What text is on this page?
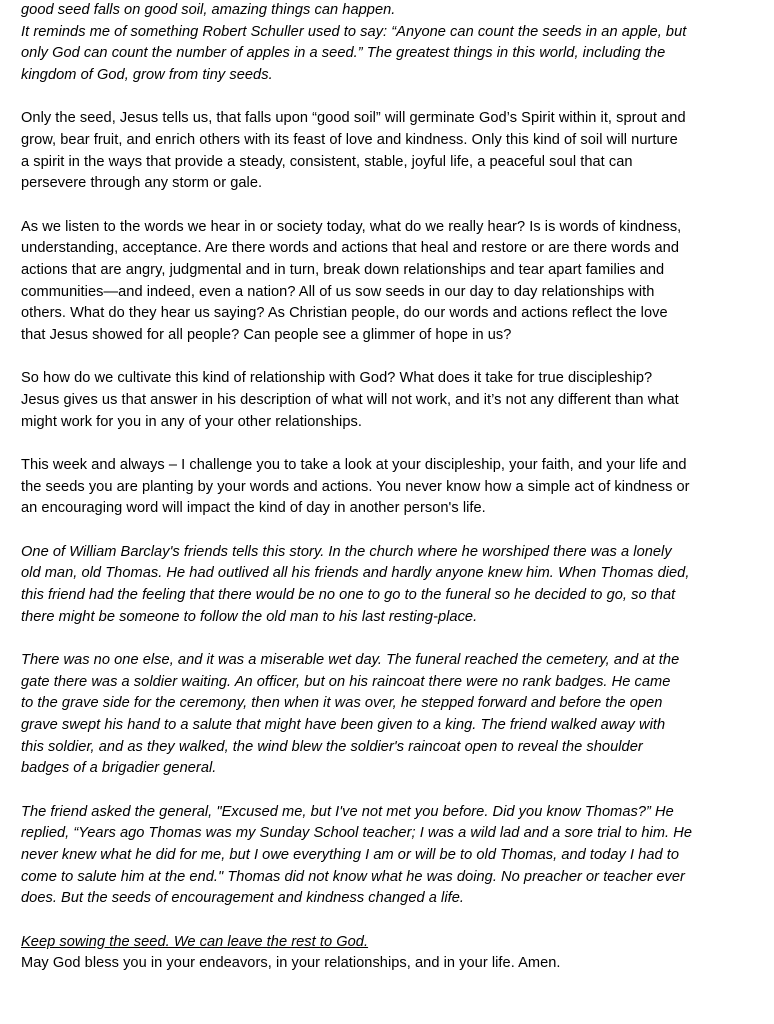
good seed falls on good soil, amazing things can happen.
It reminds me of something Robert Schuller used to say: “Anyone can count the seeds in an apple, but
only God can count the number of apples in a seed.” The greatest things in this world, including the
kingdom of God, grow from tiny seeds.
Only the seed, Jesus tells us, that falls upon “good soil” will germinate God’s Spirit within it, sprout and
grow, bear fruit, and enrich others with its feast of love and kindness. Only this kind of soil will nurture
a spirit in the ways that provide a steady, consistent, stable, joyful life, a peaceful soul that can
persevere through any storm or gale.
As we listen to the words we hear in or society today, what do we really hear? Is is words of kindness,
understanding, acceptance. Are there words and actions that heal and restore or are there words and
actions that are angry, judgmental and in turn, break down relationships and tear apart families and
communities—and indeed, even a nation? All of us sow seeds in our day to day relationships with
others. What do they hear us saying? As Christian people, do our words and actions reflect the love
that Jesus showed for all people? Can people see a glimmer of hope in us?
So how do we cultivate this kind of relationship with God? What does it take for true discipleship?
Jesus gives us that answer in his description of what will not work, and it’s not any different than what
might work for you in any of your other relationships.
This week and always – I challenge you to take a look at your discipleship, your faith, and your life and
the seeds you are planting by your words and actions. You never know how a simple act of kindness or
an encouraging word will impact the kind of day in another person's life.
One of William Barclay's friends tells this story. In the church where he worshiped there was a lonely
old man, old Thomas. He had outlived all his friends and hardly anyone knew him. When Thomas died,
this friend had the feeling that there would be no one to go to the funeral so he decided to go, so that
there might be someone to follow the old man to his last resting-place.
There was no one else, and it was a miserable wet day. The funeral reached the cemetery, and at the
gate there was a soldier waiting. An officer, but on his raincoat there were no rank badges. He came
to the grave side for the ceremony, then when it was over, he stepped forward and before the open
grave swept his hand to a salute that might have been given to a king. The friend walked away with
this soldier, and as they walked, the wind blew the soldier's raincoat open to reveal the shoulder
badges of a brigadier general.
The friend asked the general, "Excused me, but I've not met you before. Did you know Thomas?” He
replied, “Years ago Thomas was my Sunday School teacher; I was a wild lad and a sore trial to him. He
never knew what he did for me, but I owe everything I am or will be to old Thomas, and today I had to
come to salute him at the end." Thomas did not know what he was doing. No preacher or teacher ever
does. But the seeds of encouragement and kindness changed a life.
Keep sowing the seed. We can leave the rest to God.
May God bless you in your endeavors, in your relationships, and in your life. Amen.
